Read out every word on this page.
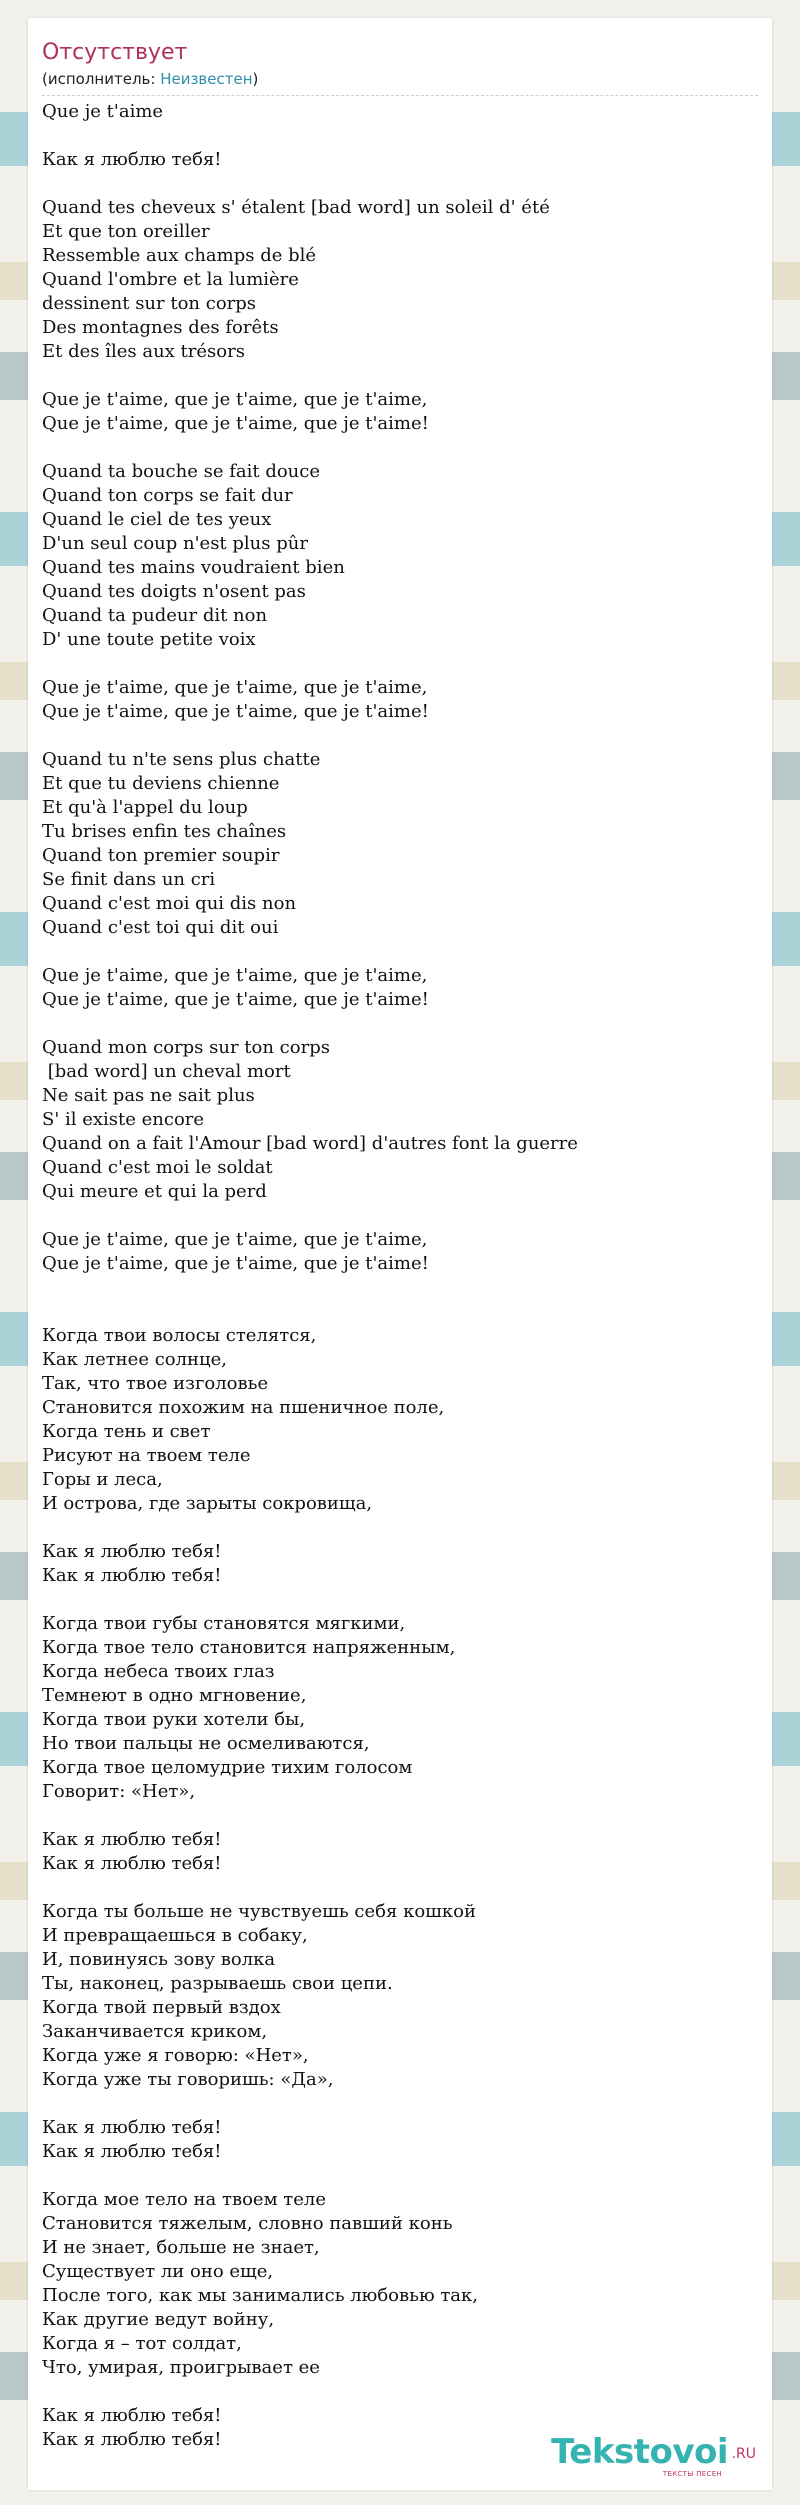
Отсутствует
(исполнитель: Неизвестен)
Que je t'aime

Как я люблю тебя!

Quand tes cheveux s' étalent [bad word] un soleil d' été
Et que ton oreiller
Ressemble aux champs de blé
Quand l'ombre et la lumière
dessinent sur ton corps
Des montagnes des forêts
Et des îles aux trésors

Que je t'aime, que je t'aime, que je t'aime,
Que je t'aime, que je t'aime, que je t'aime!

Quand ta bouche se fait douce
Quand ton corps se fait dur
Quand le ciel de tes yeux
D'un seul coup n'est plus pûr
Quand tes mains voudraient bien
Quand tes doigts n'osent pas
Quand ta pudeur dit non
D' une toute petite voix

Que je t'aime, que je t'aime, que je t'aime,
Que je t'aime, que je t'aime, que je t'aime!

Quand tu n'te sens plus chatte
Et que tu deviens chienne
Et qu'à l'appel du loup
Tu brises enfin tes chaînes
Quand ton premier soupir
Se finit dans un cri
Quand c'est moi qui dis non
Quand c'est toi qui dit oui

Que je t'aime, que je t'aime, que je t'aime,
Que je t'aime, que je t'aime, que je t'aime!

Quand mon corps sur ton corps
[bad word] un cheval mort
Ne sait pas ne sait plus
S' il existe encore
Quand on a fait l'Amour [bad word] d'autres font la guerre
Quand c'est moi le soldat
Qui meure et qui la perd

Que je t'aime, que je t'aime, que je t'aime,
Que je t'aime, que je t'aime, que je t'aime!

Когда твои волосы стелятся,
Как летнее солнце,
Так, что твое изголовье
Становится похожим на пшеничное поле,
Когда тень и свет
Рисуют на твоем теле
Горы и леса,
И острова, где зарыты сокровища,

Как я люблю тебя!
Как я люблю тебя!

Когда твои губы становятся мягкими,
Когда твое тело становится напряженным,
Когда небеса твоих глаз
Темнеют в одно мгновение,
Когда твои руки хотели бы,
Но твои пальцы не осмеливаются,
Когда твое целомудрие тихим голосом
Говорит: «Нет»,

Как я люблю тебя!
Как я люблю тебя!

Когда ты больше не чувствуешь себя кошкой
И превращаешься в собаку,
И, повинуясь зову волка
Ты, наконец, разрываешь свои цепи.
Когда твой первый вздох
Заканчивается криком,
Когда уже я говорю: «Нет»,
Когда уже ты говоришь: «Да»,

Как я люблю тебя!
Как я люблю тебя!

Когда мое тело на твоем теле
Становится тяжелым, словно павший конь
И не знает, больше не знает,
Существует ли оно еще,
После того, как мы занимались любовью так,
Как другие ведут войну,
Когда я – тот солдат,
Что, умирая, проигрывает ее

Как я люблю тебя!
Как я люблю тебя!	Tekstovoi .RU
ТЕКСТЫ ПЕСЕН
